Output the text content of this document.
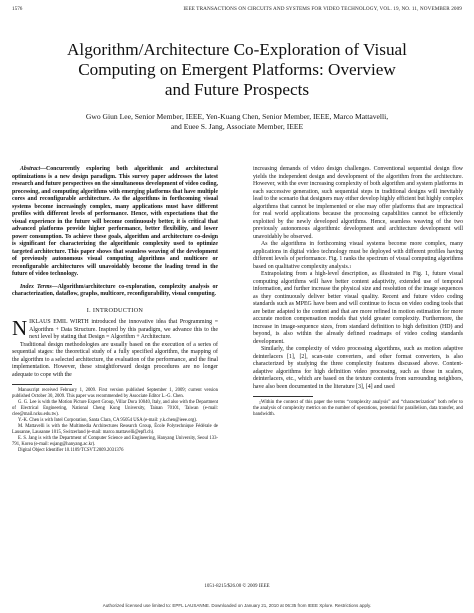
1576	IEEE TRANSACTIONS ON CIRCUITS AND SYSTEMS FOR VIDEO TECHNOLOGY, VOL. 19, NO. 11, NOVEMBER 2009
Algorithm/Architecture Co-Exploration of Visual
Computing on Emergent Platforms: Overview
and Future Prospects
Gwo Giun Lee, Senior Member, IEEE, Yen-Kuang Chen, Senior Member, IEEE, Marco Mattavelli,
and Euee S. Jang, Associate Member, IEEE

Abstract—Concurrently exploring both algorithmic and architectural optimizations is a new design paradigm. This survey paper addresses the latest research and future perspectives on the simultaneous development of video coding, processing, and computing algorithms with emerging platforms that have multiple cores and reconfigurable architecture. As the algorithms in forthcoming visual systems become increasingly complex, many applications must have different profiles with different levels of performance. Hence, with expectations that the visual experience in the future will become continuously better, it is critical that advanced platforms provide higher performance, better flexibility, and lower power consumption. To achieve these goals, algorithm and architecture co-design is significant for characterizing the algorithmic complexity used to optimize targeted architecture. This paper shows that seamless weaving of the development of previously autonomous visual computing algorithms and multicore or reconfigurable architectures will unavoidably become the leading trend in the future of video technology.

Index Terms—Algorithm/architecture co-exploration, complexity analysis or characterization, dataflow, graphs, multicore, reconfigurability, visual computing.

I. INTRODUCTION

NIKLAUS EMIL WIRTH introduced the innovative idea that Programming = Algorithm + Data Structure. Inspired by this paradigm, we advance this to the next level by stating that Design = Algorithm + Architecture.

Traditional design methodologies are usually based on the execution of a series of sequential stages: the theoretical study of a fully specified algorithm, the mapping of the algorithm to a selected architecture, the evaluation of the performance, and the final implementation. However, these straightforward design procedures are no longer adequate to cope with the

Manuscript received February 1, 2009. First version published September 1, 2009; current version published October 30, 2009. This paper was recommended by Associate Editor L.-G. Chen.

G. G. Lee is with the Motion Picture Expert Group, Villar Dora 10040, Italy, and also with the Department of Electrical Engineering, National Cheng Kung University, Tainan 70101, Taiwan (e-mail: clee@mail.ncku.edu.tw).

Y.-K. Chen is with Intel Corporation, Santa Clara, CA 95054 USA (e-mail: y.k.chen@ieee.org).

M. Mattavelli is with the Multimedia Architectures Research Group, École Polytechnique Fédérale de Lausanne, Lausanne 1015, Switzerland (e-mail: marco.mattavelli@epfl.ch).

E. S. Jang is with the Department of Computer Science and Engineering, Hanyang University, Seoul 133-791, Korea (e-mail: esjang@hanyang.ac.kr).

Digital Object Identifier 10.1109/TCSVT.2009.2031376

increasing demands of video design challenges. Conventional sequential design flow yields the independent design and development of the algorithm from the architecture. However, with the ever increasing complexity of both algorithm and system platforms in each successive generation, such sequential steps in traditional designs will inevitably lead to the scenario that designers may either develop highly efficient but highly complex algorithms that cannot be implemented or else may offer platforms that are impractical for real world applications because the processing capabilities cannot be efficiently exploited by the newly developed algorithms. Hence, seamless weaving of the two previously autonomous algorithmic development and architecture development will unavoidably be observed.

As the algorithms in forthcoming visual systems become more complex, many applications in digital video technology must be deployed with different profiles having different levels of performance. Fig. 1 ranks the spectrum of visual computing algorithms based on qualitative complexity analysis.$^1$

Extrapolating from a high-level description, as illustrated in Fig. 1, future visual computing algorithms will have better content adaptivity, extended use of temporal information, and further increase the physical size and resolution of the image sequences as they continuously deliver better visual quality. Recent and future video coding standards such as MPEG have been and will continue to focus on video coding tools that are better adapted to the content and that are more refined in motion estimation for more accurate motion compensation models that yield greater complexity. Furthermore, the increase in image-sequence sizes, from standard definition to high definition (HD) and beyond, is also within the already defined roadmaps of video coding standards development.

Similarly, the complexity of video processing algorithms, such as motion adaptive deinterlacers [1], [2], scan-rate converters, and other format converters, is also characterized by studying the three complexity features discussed above. Content-adaptive algorithms for high definition video processing, such as those in scalers, deinterlacers, etc., which are based on the texture contents from surrounding neighbors, have also been documented in the literature [3], [4] and used

$^1$Within the context of this paper the terms “complexity analysis” and “characterization” both refer to the analysis of complexity metrics on the number of operations, potential for parallelism, data transfer, and bandwidth.

1051-8215/$26.00 © 2009 IEEE
Authorized licensed use limited to: EPFL LAUSANNE. Downloaded on January 21, 2010 at 06:35 from IEEE Xplore. Restrictions apply.
